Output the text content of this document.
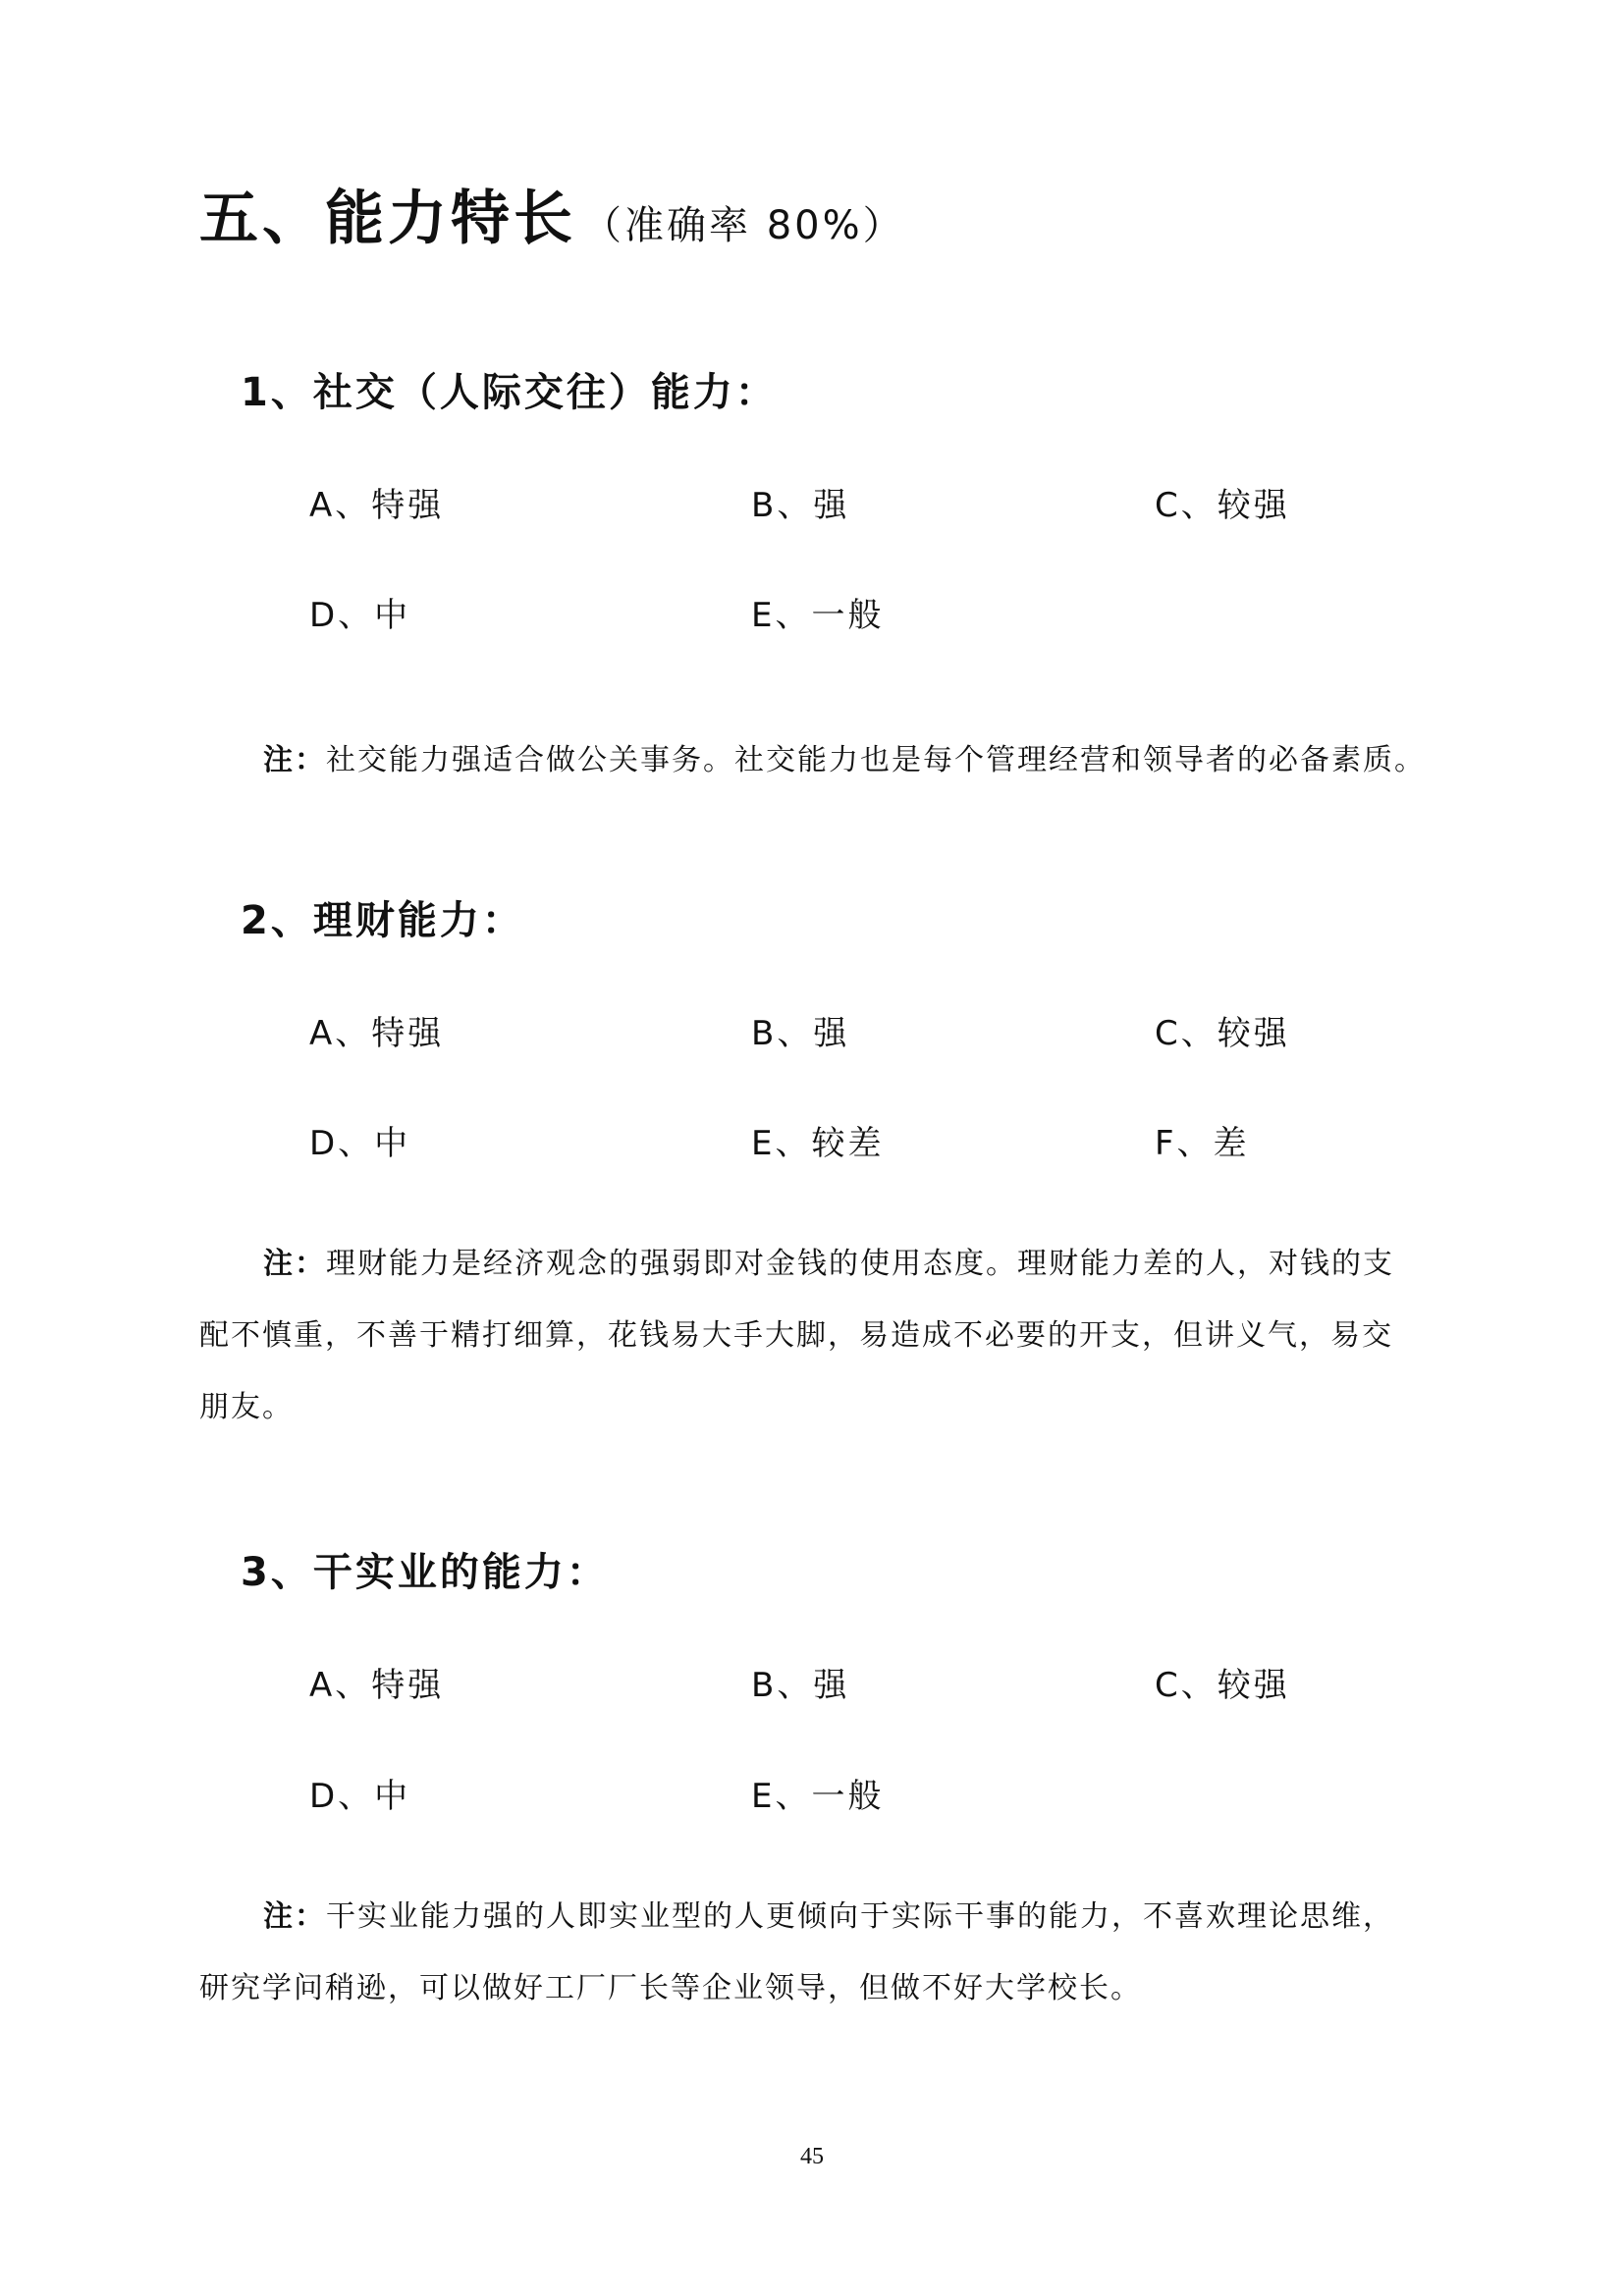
五、能力特长 （准确率 80%）
1、社交（人际交往）能力：
A、特强	B、强	C、较强
D、中	E、一般
注：社交能力强适合做公关事务。社交能力也是每个管理经营和领导者的必备素质。
2、理财能力：
A、特强	B、强	C、较强
D、中	E、较差	F、差
注：理财能力是经济观念的强弱即对金钱的使用态度。理财能力差的人，对钱的支
配不慎重，不善于精打细算，花钱易大手大脚，易造成不必要的开支，但讲义气，易交
朋友。
3、干实业的能力：
A、特强	B、强	C、较强
D、中	E、一般
注：干实业能力强的人即实业型的人更倾向于实际干事的能力，不喜欢理论思维，
研究学问稍逊，可以做好工厂厂长等企业领导，但做不好大学校长。
45
